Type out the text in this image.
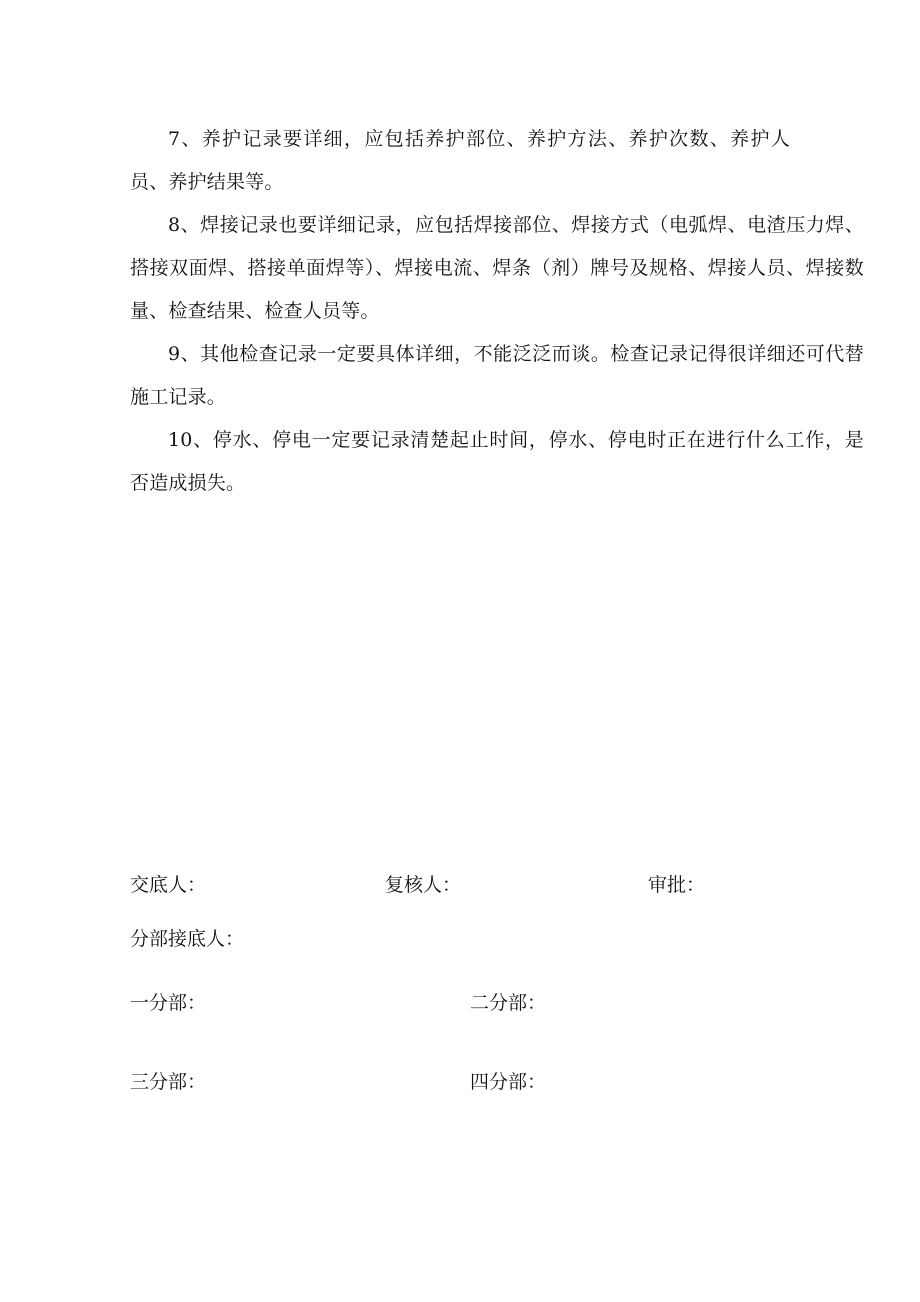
7、养护记录要详细，应包括养护部位、养护方法、养护次数、养护人员、养护结果等。

8、焊接记录也要详细记录，应包括焊接部位、焊接方式（电弧焊、电渣压力焊、搭接双面焊、搭接单面焊等）、焊接电流、焊条（剂）牌号及规格、焊接人员、焊接数量、检查结果、检查人员等。

9、其他检查记录一定要具体详细，不能泛泛而谈。检查记录记得很详细还可代替施工记录。

10、停水、停电一定要记录清楚起止时间，停水、停电时正在进行什么工作，是否造成损失。

交底人：	复核人：	审批：
分部接底人：
一分部：	二分部：
三分部：	四分部：
